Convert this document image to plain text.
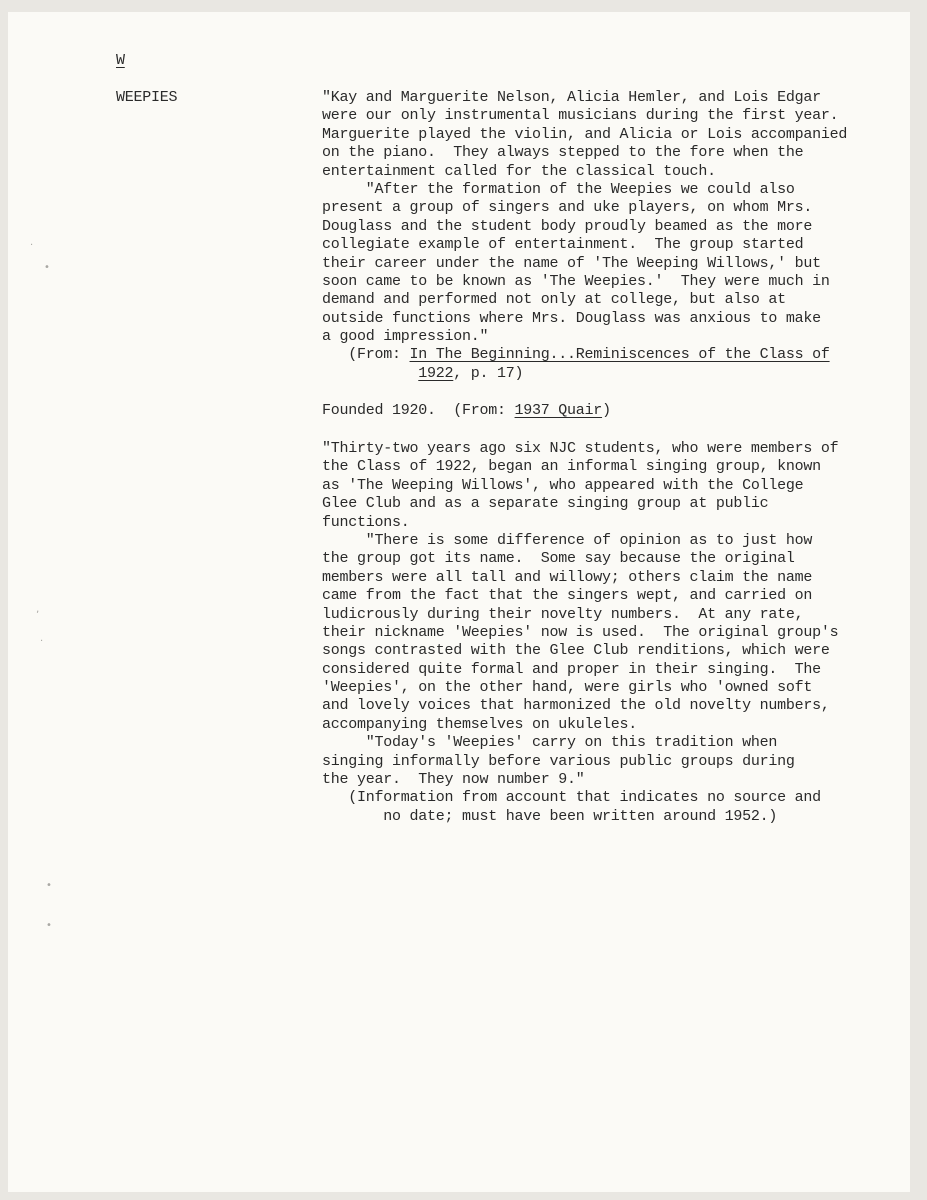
W
WEEPIES	"Kay and Marguerite Nelson, Alicia Hemler, and Lois Edgar
were our only instrumental musicians during the first year.
Marguerite played the violin, and Alicia or Lois accompanied
on the piano.  They always stepped to the fore when the
entertainment called for the classical touch.
"After the formation of the Weepies we could also
present a group of singers and uke players, on whom Mrs.
Douglass and the student body proudly beamed as the more
collegiate example of entertainment.  The group started
their career under the name of 'The Weeping Willows,' but
soon came to be known as 'The Weepies.'  They were much in
demand and performed not only at college, but also at
outside functions where Mrs. Douglass was anxious to make
a good impression."
(From: In The Beginning...Reminiscences of the Class of
1922, p. 17)
Founded 1920.  (From: 1937 Quair)
"Thirty-two years ago six NJC students, who were members of
the Class of 1922, began an informal singing group, known
as 'The Weeping Willows', who appeared with the College
Glee Club and as a separate singing group at public
functions.
"There is some difference of opinion as to just how
the group got its name.  Some say because the original
members were all tall and willowy; others claim the name
came from the fact that the singers wept, and carried on
ludicrously during their novelty numbers.  At any rate,
their nickname 'Weepies' now is used.  The original group's
songs contrasted with the Glee Club renditions, which were
considered quite formal and proper in their singing.  The
'Weepies', on the other hand, were girls who 'owned soft
and lovely voices that harmonized the old novelty numbers,
accompanying themselves on ukuleles.
"Today's 'Weepies' carry on this tradition when
singing informally before various public groups during
the year.  They now number 9."
(Information from account that indicates no source and
no date; must have been written around 1952.)
·
•
‚
·
•
•
